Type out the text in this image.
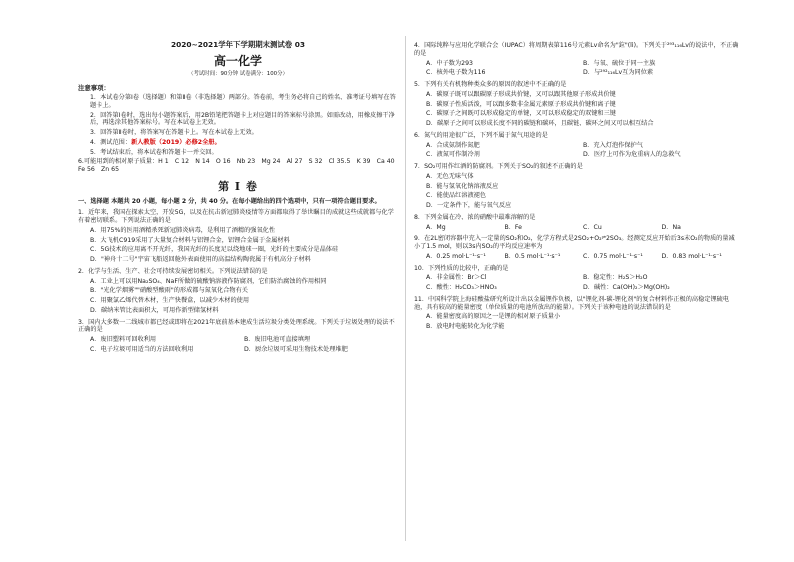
2020~2021学年下学期期末测试卷 03
高一化学
（考试时间：90分钟 试卷满分：100分）
注意事项：
1．本试卷分第Ⅰ卷（选择题）和第Ⅱ卷（非选择题）两部分。答卷前，考生务必将自己的姓名、准考证号填写在答题卡上。
2．回答第Ⅰ卷时，选出每小题答案后，用2B铅笔把答题卡上对应题目的答案标号涂黑。如需改动，用橡皮擦干净后，再选涂其他答案标号。写在本试卷上无效。
3．回答第Ⅱ卷时，将答案写在答题卡上。写在本试卷上无效。
4．测试范围：新人教版（2019）必修2全册。
5．考试结束后，将本试卷和答题卡一并交回。
6.可能用到的相对原子质量：H 1　C 12　N 14　O 16　Nb 23　Mg 24　Al 27　S 32　Cl 35.5　K 39　Ca 40　Fe 56　Zn 65
第 I 卷
一、选择题 本题共 20 小题，每小题 2 分，共 40 分。在每小题给出的四个选项中，只有一项符合题目要求。
1．近年来，我国在探索太空，开发5G，以及在抗击新冠肺炎疫情等方面都取得了举世瞩目的成就这些成就都与化学有着密切联系。下列说法正确的是
A．用75%的医用酒精杀死新冠肺炎病毒，是利用了酒精的强氧化性
B．大飞机C919采用了大量复合材料与铝锂合金，铝锂合金属于金属材料
C．5G技术的应用离不开光纤，我国光纤的长度足以绕地球一圈，光纤的主要成分是晶体硅
D．"神舟十二号"宇宙飞船返回舱外表面使用的高温结构陶瓷属于有机高分子材料
2．化学与生活、生产、社会可持续发展密切相关。下列说法错误的是
A．工业上可以用Na₂SO₄、NaF所做的硫酸钠溶液作防腐剂，它们防治腐蚀的作用相同
B．"光化学烟雾""硝酸型酸雨"的形成都与氮氧化合物有关
C．用聚氯乙烯代替木材，生产快餐盒，以减少木材的使用
D．碳纳米管比表面积大，可用作新型储氢材料
3．国内大多数一二线城市都已经或即将在2021年底前基本建成生活垃圾分类处理系统。下列关于垃圾处理的说法不正确的是
A．废旧塑料可回收利用	B．废旧电池可直接填埋
C．电子垃圾可用适当的方法回收利用	D．厨余垃圾可采用生物技术处理堆肥
4．国际纯粹与应用化学联合会（IUPAC）将周期表第116号元素Lv命名为"鉝"(lì)。下列关于²⁹³₁₁₆Lv的说法中，不正确的是
A．中子数为293	B．与氧、硫位于同一主族
C．核外电子数为116	D．与²⁹²₁₁₆Lv互为同位素
5．下列有关有机物种类众多的原因的叙述中不正确的是
A．碳原子既可以跟碳原子形成共价键，又可以跟其他原子形成共价键
B．碳原子性质活泼，可以跟多数非金属元素原子形成共价键和离子键
C．碳原子之间既可以形成稳定的单键，又可以形成稳定的双键和三键
D．碳原子之间可以形成长度不同的碳链和碳环，且碳链、碳环之间又可以相互结合
6．氮气的用途很广泛，下列不属于氮气用途的是
A．合成氨制作氮肥	B．充入灯泡作保护气
C．液氮可作制冷剂	D．医疗上可作为危重病人的急救气
7．SO₂可用作红酒的防腐剂。下列关于SO₂的叙述不正确的是
A．无色无味气体
B．能与氢氧化钠溶液反应
C．能使品红溶液褪色
D．一定条件下，能与氧气反应
8．下列金属在冷、浓的硝酸中最难溶解的是
A．Mg	B．Fe	C．Cu	D．Na
9．在2L密闭容器中充入一定量的SO₂和O₂，化学方程式是2SO₂+O₂⇌2SO₃。经测定反应开始后3s末O₂的物质的量减小了1.5 mol，则以3s内SO₂的平均反应速率为
A．0.25 mol·L⁻¹·s⁻¹	B．0.5 mol·L⁻¹·s⁻¹	C．0.75 mol·L⁻¹·s⁻¹	D．0.83 mol·L⁻¹·s⁻¹
10．下列性质的比较中，正确的是
A．非金属性：Br＞Cl	B．稳定性：H₂S＞H₂O
C．酸性：H₂CO₃＞HNO₃	D．碱性：Ca(OH)₂＞Mg(OH)₂
11．中国科学院上海硅酸盐研究所设计出以金属锂作负极，以"锂化剂-碳-锂化剂"的复合材料作正极的高稳定锂硫电池，具有较高的能量密度（单位质量的电池所放出的能量）。下列关于该种电池的说法错误的是
A．能量密度高的原因之一是锂的相对原子质量小
B．放电时电能转化为化学能
